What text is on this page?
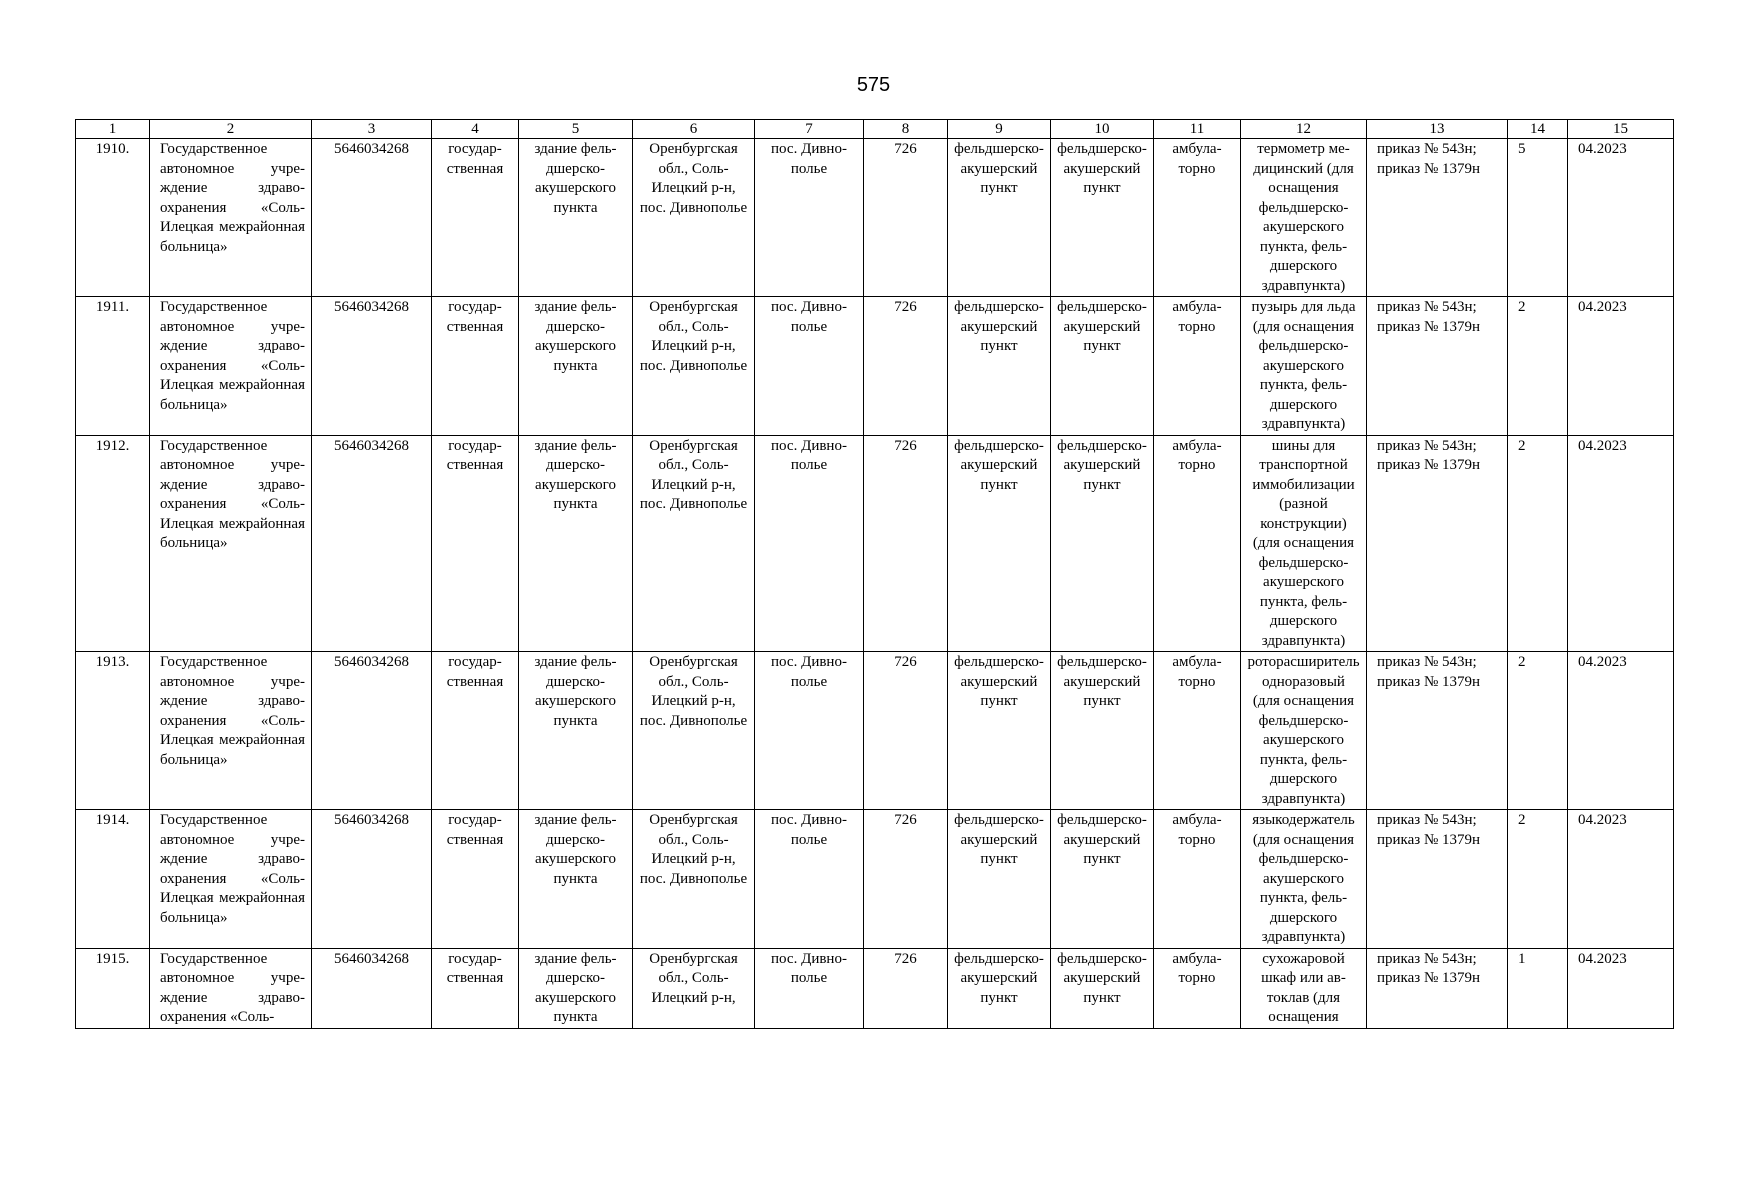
575
1	2	3	4	5	6	7	8	9	10	11	12	13	14	15
1910.	Государственное автономное учреждение здравоохранения «Соль-Илецкая межрайонная больница»	5646034268	государственная	здание фельдшерско-акушерского пункта	Оренбургская обл., Соль-Илецкий р-н, пос. Дивнополье	пос. Дивнополье	726	фельдшерско-акушерский пункт	фельдшерско-акушерский пункт	амбулаторно	термометр медицинский (для оснащения фельдшерско-акушерского пункта, фельдшерского здравпункта)	приказ № 543н; приказ № 1379н	5	04.2023
1911.	Государственное автономное учреждение здравоохранения «Соль-Илецкая межрайонная больница»	5646034268	государственная	здание фельдшерско-акушерского пункта	Оренбургская обл., Соль-Илецкий р-н, пос. Дивнополье	пос. Дивнополье	726	фельдшерско-акушерский пункт	фельдшерско-акушерский пункт	амбулаторно	пузырь для льда (для оснащения фельдшерско-акушерского пункта, фельдшерского здравпункта)	приказ № 543н; приказ № 1379н	2	04.2023
1912.	Государственное автономное учреждение здравоохранения «Соль-Илецкая межрайонная больница»	5646034268	государственная	здание фельдшерско-акушерского пункта	Оренбургская обл., Соль-Илецкий р-н, пос. Дивнополье	пос. Дивнополье	726	фельдшерско-акушерский пункт	фельдшерско-акушерский пункт	амбулаторно	шины для транспортной иммобилизации (разной конструкции) (для оснащения фельдшерско-акушерского пункта, фельдшерского здравпункта)	приказ № 543н; приказ № 1379н	2	04.2023
1913.	Государственное автономное учреждение здравоохранения «Соль-Илецкая межрайонная больница»	5646034268	государственная	здание фельдшерско-акушерского пункта	Оренбургская обл., Соль-Илецкий р-н, пос. Дивнополье	пос. Дивнополье	726	фельдшерско-акушерский пункт	фельдшерско-акушерский пункт	амбулаторно	роторасширитель одноразовый (для оснащения фельдшерско-акушерского пункта, фельдшерского здравпункта)	приказ № 543н; приказ № 1379н	2	04.2023
1914.	Государственное автономное учреждение здравоохранения «Соль-Илецкая межрайонная больница»	5646034268	государственная	здание фельдшерско-акушерского пункта	Оренбургская обл., Соль-Илецкий р-н, пос. Дивнополье	пос. Дивнополье	726	фельдшерско-акушерский пункт	фельдшерско-акушерский пункт	амбулаторно	языкодержатель (для оснащения фельдшерско-акушерского пункта, фельдшерского здравпункта)	приказ № 543н; приказ № 1379н	2	04.2023
1915.	Государственное автономное учреждение здравоохранения «Соль-	5646034268	государственная	здание фельдшерско-акушерского пункта	Оренбургская обл., Соль-Илецкий р-н,	пос. Дивнополье	726	фельдшерско-акушерский пункт	фельдшерско-акушерский пункт	амбулаторно	сухожаровой шкаф или автоклав (для оснащения	приказ № 543н; приказ № 1379н	1	04.2023
